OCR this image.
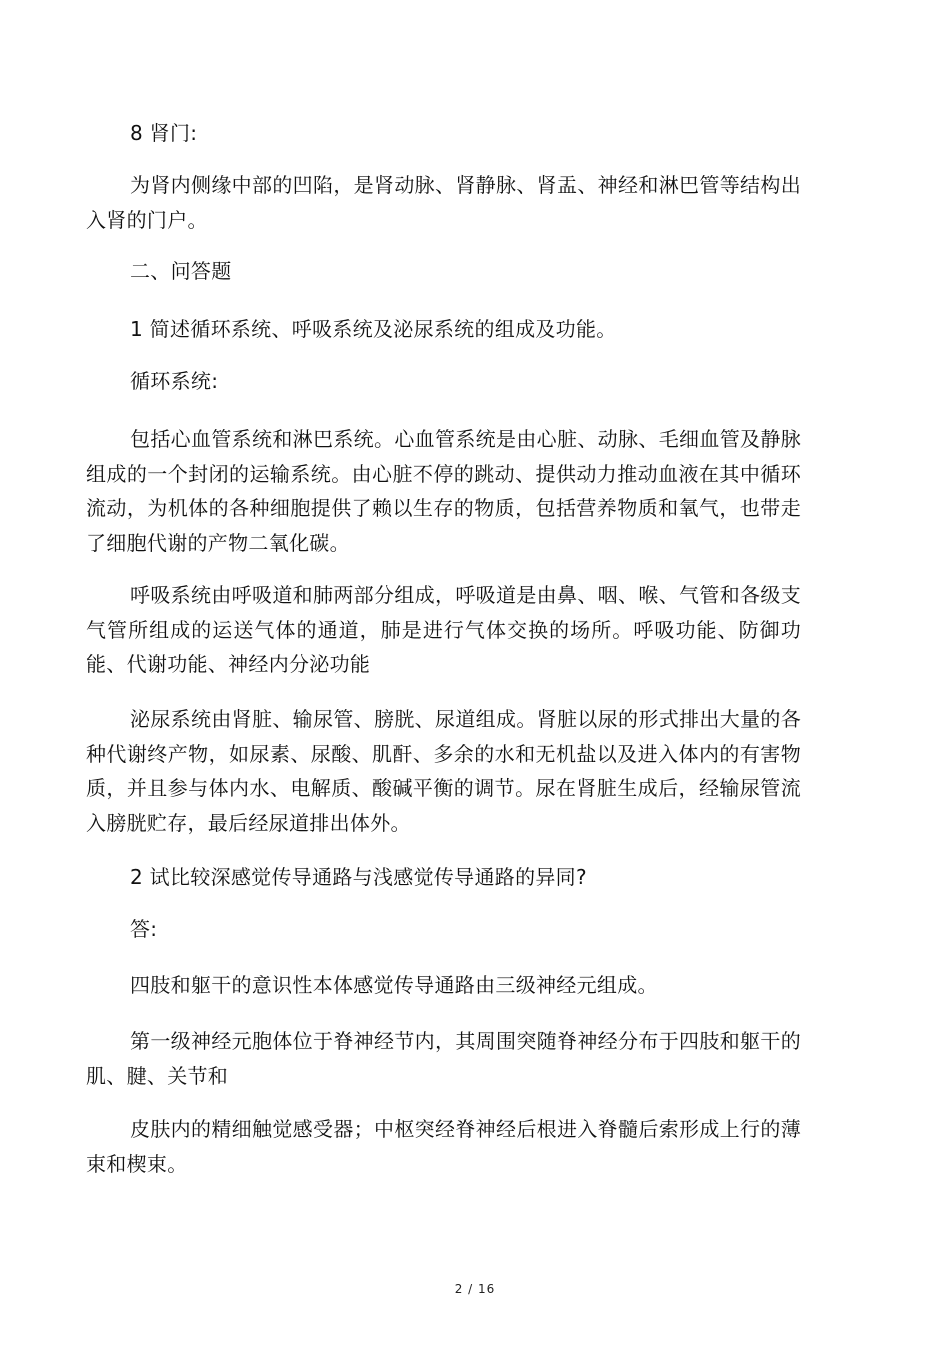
8 肾门:

为肾内侧缘中部的凹陷，是肾动脉、肾静脉、肾盂、神经和淋巴管等结构出入肾的门户。

二、问答题

1 简述循环系统、呼吸系统及泌尿系统的组成及功能。

循环系统:

包括心血管系统和淋巴系统。心血管系统是由心脏、动脉、毛细血管及静脉组成的一个封闭的运输系统。由心脏不停的跳动、提供动力推动血液在其中循环流动，为机体的各种细胞提供了赖以生存的物质，包括营养物质和氧气，也带走了细胞代谢的产物二氧化碳。

呼吸系统由呼吸道和肺两部分组成，呼吸道是由鼻、咽、喉、气管和各级支气管所组成的运送气体的通道，肺是进行气体交换的场所。呼吸功能、防御功能、代谢功能、神经内分泌功能

泌尿系统由肾脏、输尿管、膀胱、尿道组成。肾脏以尿的形式排出大量的各种代谢终产物，如尿素、尿酸、肌酐、多余的水和无机盐以及进入体内的有害物质，并且参与体内水、电解质、酸碱平衡的调节。尿在肾脏生成后，经输尿管流入膀胱贮存，最后经尿道排出体外。

2 试比较深感觉传导通路与浅感觉传导通路的异同?

答:

四肢和躯干的意识性本体感觉传导通路由三级神经元组成。

第一级神经元胞体位于脊神经节内，其周围突随脊神经分布于四肢和躯干的肌、腱、关节和

皮肤内的精细触觉感受器；中枢突经脊神经后根进入脊髓后索形成上行的薄束和楔束。

2 / 16
